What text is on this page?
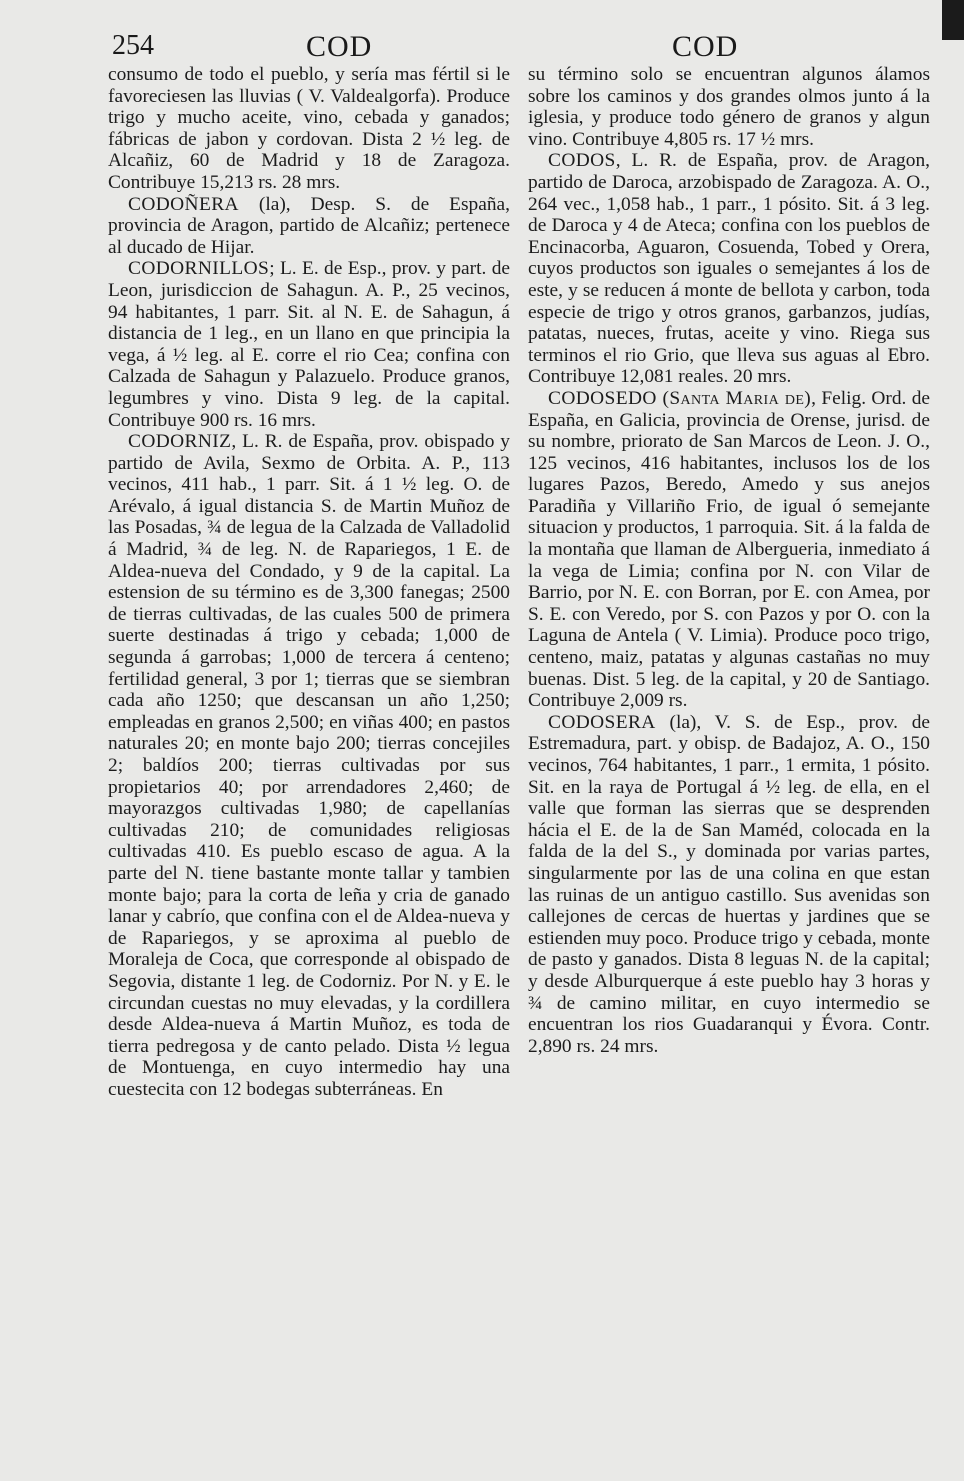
254	COD	COD

consumo de todo el pueblo, y sería mas fértil si le favoreciesen las lluvias ( V. Valdealgorfa). Produce trigo y mucho aceite, vino, cebada y ganados; fábricas de jabon y cordovan. Dista 2 ½ leg. de Alcañiz, 60 de Madrid y 18 de Zaragoza. Contribuye 15,213 rs. 28 mrs.

CODOÑERA (la), Desp. S. de España, provincia de Aragon, partido de Alcañiz; pertenece al ducado de Hijar.

CODORNILLOS; L. E. de Esp., prov. y part. de Leon, jurisdiccion de Sahagun. A. P., 25 vecinos, 94 habitantes, 1 parr. Sit. al N. E. de Sahagun, á distancia de 1 leg., en un llano en que principia la vega, á ½ leg. al E. corre el rio Cea; confina con Calzada de Sahagun y Palazuelo. Produce granos, legumbres y vino. Dista 9 leg. de la capital. Contribuye 900 rs. 16 mrs.

CODORNIZ, L. R. de España, prov. obispado y partido de Avila, Sexmo de Orbita. A. P., 113 vecinos, 411 hab., 1 parr. Sit. á 1 ½ leg. O. de Arévalo, á igual distancia S. de Martin Muñoz de las Posadas, ¾ de legua de la Calzada de Valladolid á Madrid, ¾ de leg. N. de Rapariegos, 1 E. de Aldea-nueva del Condado, y 9 de la capital. La estension de su término es de 3,300 fanegas; 2500 de tierras cultivadas, de las cuales 500 de primera suerte destinadas á trigo y cebada; 1,000 de segunda á garrobas; 1,000 de tercera á centeno; fertilidad general, 3 por 1; tierras que se siembran cada año 1250; que descansan un año 1,250; empleadas en granos 2,500; en viñas 400; en pastos naturales 20; en monte bajo 200; tierras concejiles 2; baldíos 200; tierras cultivadas por sus propietarios 40; por arrendadores 2,460; de mayorazgos cultivadas 1,980; de capellanías cultivadas 210; de comunidades religiosas cultivadas 410. Es pueblo escaso de agua. A la parte del N. tiene bastante monte tallar y tambien monte bajo; para la corta de leña y cria de ganado lanar y cabrío, que confina con el de Aldea-nueva y de Rapariegos, y se aproxima al pueblo de Moraleja de Coca, que corresponde al obispado de Segovia, distante 1 leg. de Codorniz. Por N. y E. le circundan cuestas no muy elevadas, y la cordillera desde Aldea-nueva á Martin Muñoz, es toda de tierra pedregosa y de canto pelado. Dista ½ legua de Montuenga, en cuyo intermedio hay una cuestecita con 12 bodegas subterráneas. En

su término solo se encuentran algunos álamos sobre los caminos y dos grandes olmos junto á la iglesia, y produce todo género de granos y algun vino. Contribuye 4,805 rs. 17 ½ mrs.

CODOS, L. R. de España, prov. de Aragon, partido de Daroca, arzobispado de Zaragoza. A. O., 264 vec., 1,058 hab., 1 parr., 1 pósito. Sit. á 3 leg. de Daroca y 4 de Ateca; confina con los pueblos de Encinacorba, Aguaron, Cosuenda, Tobed y Orera, cuyos productos son iguales o semejantes á los de este, y se reducen á monte de bellota y carbon, toda especie de trigo y otros granos, garbanzos, judías, patatas, nueces, frutas, aceite y vino. Riega sus terminos el rio Grio, que lleva sus aguas al Ebro. Contribuye 12,081 reales. 20 mrs.

CODOSEDO (Santa Maria de), Felig. Ord. de España, en Galicia, provincia de Orense, jurisd. de su nombre, priorato de San Marcos de Leon. J. O., 125 vecinos, 416 habitantes, inclusos los de los lugares Pazos, Beredo, Amedo y sus anejos Paradiña y Villariño Frio, de igual ó semejante situacion y productos, 1 parroquia. Sit. á la falda de la montaña que llaman de Albergueria, inmediato á la vega de Limia; confina por N. con Vilar de Barrio, por N. E. con Borran, por E. con Amea, por S. E. con Veredo, por S. con Pazos y por O. con la Laguna de Antela ( V. Limia). Produce poco trigo, centeno, maiz, patatas y algunas castañas no muy buenas. Dist. 5 leg. de la capital, y 20 de Santiago. Contribuye 2,009 rs.

CODOSERA (la), V. S. de Esp., prov. de Estremadura, part. y obisp. de Badajoz, A. O., 150 vecinos, 764 habitantes, 1 parr., 1 ermita, 1 pósito. Sit. en la raya de Portugal á ½ leg. de ella, en el valle que forman las sierras que se desprenden hácia el E. de la de San Maméd, colocada en la falda de la del S., y dominada por varias partes, singularmente por las de una colina en que estan las ruinas de un antiguo castillo. Sus avenidas son callejones de cercas de huertas y jardines que se estienden muy poco. Produce trigo y cebada, monte de pasto y ganados. Dista 8 leguas N. de la capital; y desde Alburquerque á este pueblo hay 3 horas y ¾ de camino militar, en cuyo intermedio se encuentran los rios Guadaranqui y Évora. Contr. 2,890 rs. 24 mrs.
